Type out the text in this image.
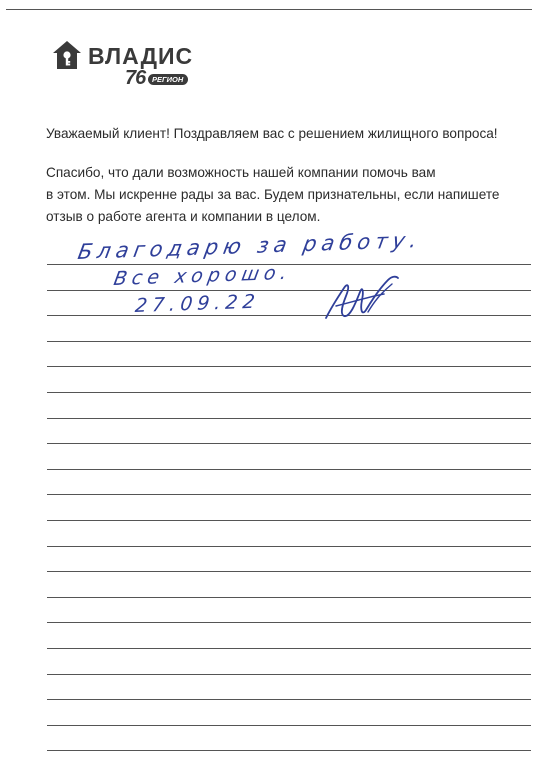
ВЛАДИС
76 РЕГИОН
Уважаемый клиент! Поздравляем вас с решением жилищного вопроса!
Спасибо, что дали возможность нашей компании помочь вам
в этом. Мы искренне рады за вас. Будем признательны, если напишете
отзыв о работе агента и компании в целом.
Благодарю за работу.
Все хорошо.
27.09.22
